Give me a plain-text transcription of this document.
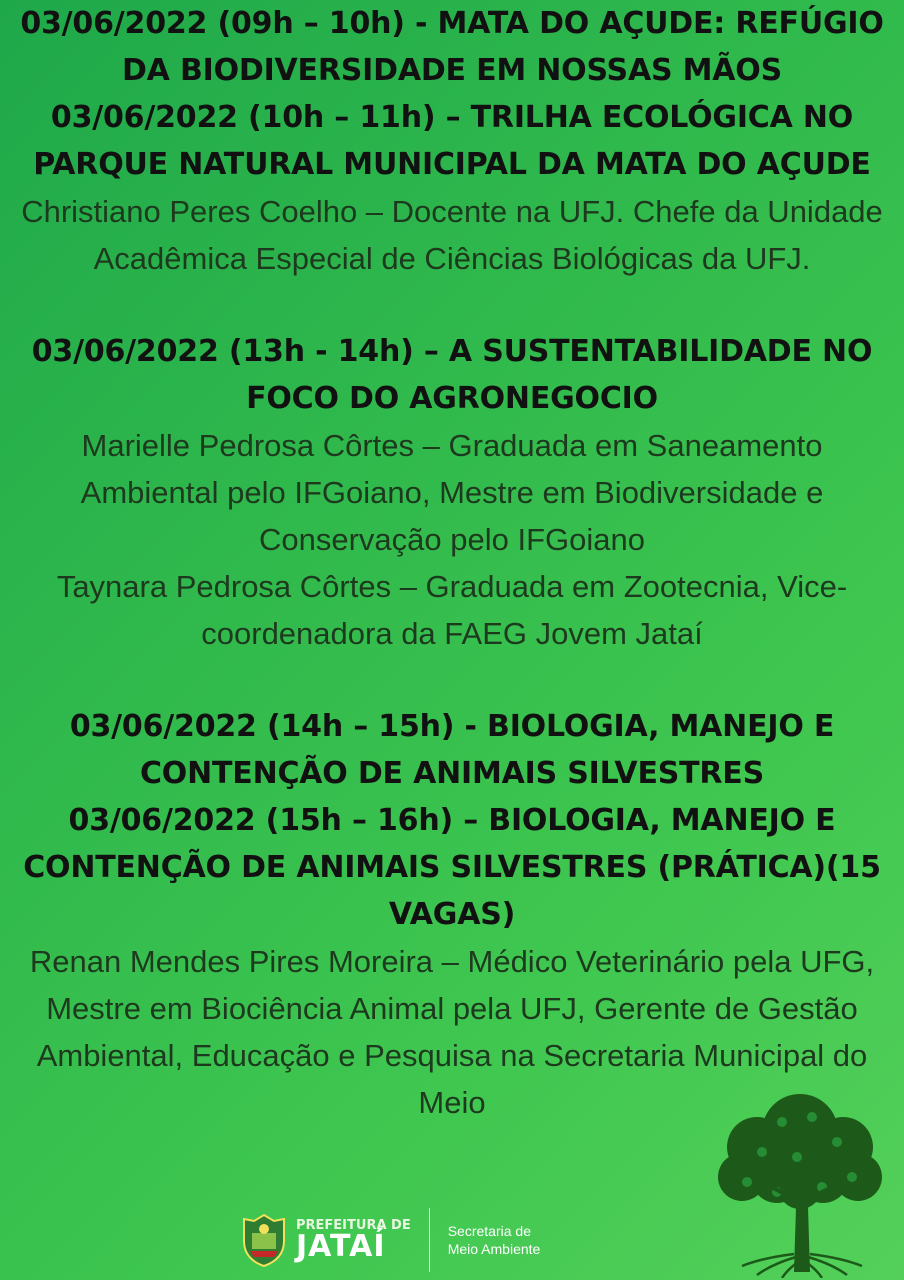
03/06/2022 (09h – 10h) - MATA DO AÇUDE: REFÚGIO DA BIODIVERSIDADE EM NOSSAS MÃOS

03/06/2022 (10h – 11h) – TRILHA ECOLÓGICA NO PARQUE NATURAL MUNICIPAL DA MATA DO AÇUDE

Christiano Peres Coelho – Docente na UFJ. Chefe da Unidade Acadêmica Especial de Ciências Biológicas da UFJ.

03/06/2022 (13h - 14h) – A SUSTENTABILIDADE NO FOCO DO AGRONEGOCIO

Marielle Pedrosa Côrtes – Graduada em Saneamento Ambiental pelo IFGoiano, Mestre em Biodiversidade e Conservação pelo IFGoiano

Taynara Pedrosa Côrtes – Graduada em Zootecnia, Vice-coordenadora da FAEG Jovem Jataí

03/06/2022 (14h – 15h) - BIOLOGIA, MANEJO E CONTENÇÃO DE ANIMAIS SILVESTRES

03/06/2022 (15h – 16h) – BIOLOGIA, MANEJO E CONTENÇÃO DE ANIMAIS SILVESTRES (PRÁTICA)(15 VAGAS)

Renan Mendes Pires Moreira – Médico Veterinário pela UFG, Mestre em Biociência Animal pela UFJ, Gerente de Gestão Ambiental, Educação e Pesquisa na Secretaria Municipal do Meio

PREFEITURA DE
JATAÍ	Secretaria de
Meio Ambiente
